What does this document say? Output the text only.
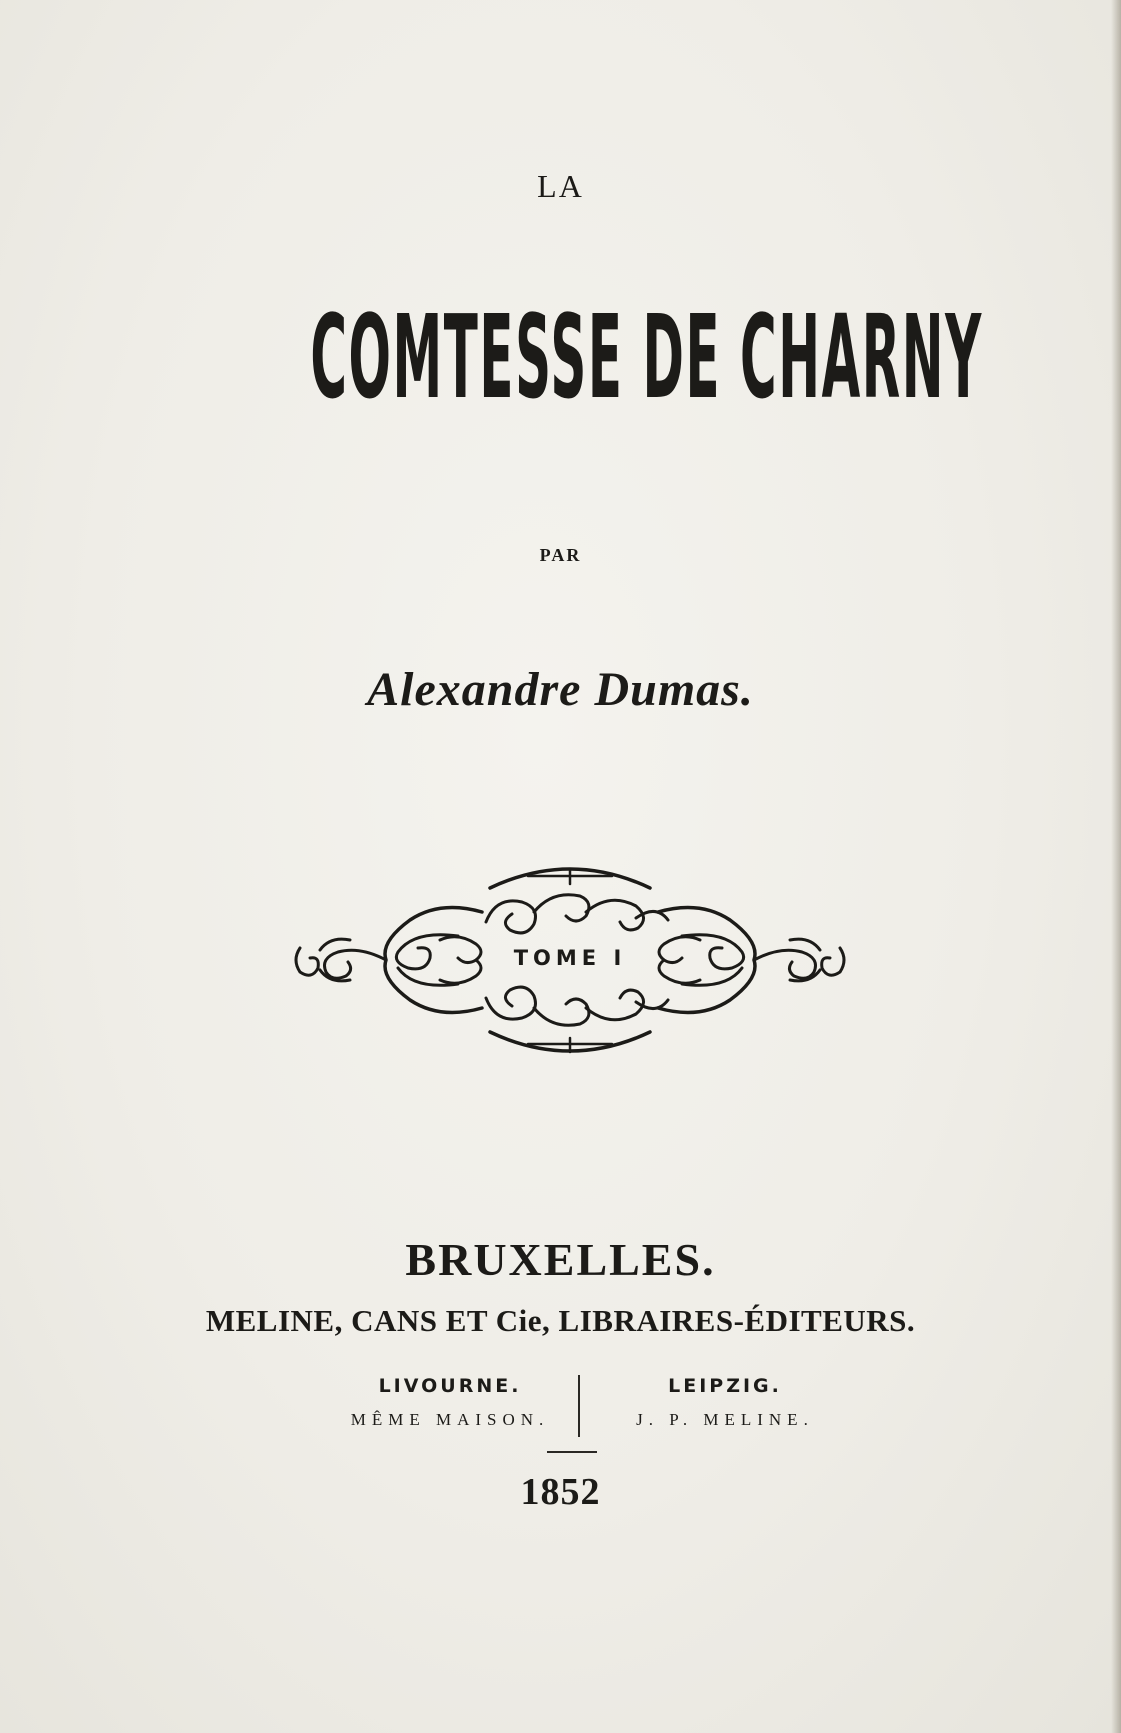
LA
COMTESSE DE CHARNY
PAR
Alexandre Dumas.
TOME I
BRUXELLES.
MELINE, CANS ET Cie, LIBRAIRES-ÉDITEURS.
LIVOURNE.
MÊME MAISON.
LEIPZIG.
J. P. MELINE.
1852
